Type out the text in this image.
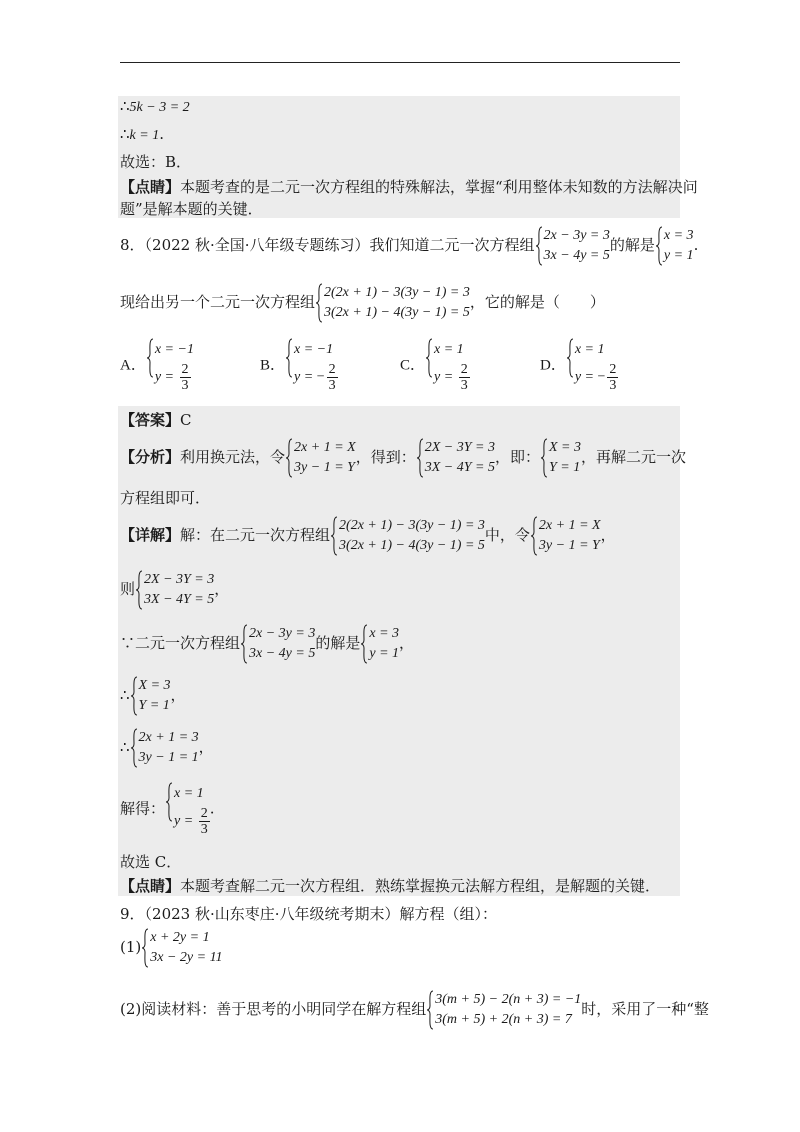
∴5k − 3 = 2
∴k = 1.
故选：B．
【点睛】本题考查的是二元一次方程组的特殊解法，掌握“利用整体未知数的方法解决问
题”是解本题的关键．
8．（2022 秋·全国·八年级专题练习）我们知道二元一次方程组
2x − 3y = 3
3x − 4y = 5
的解是
x = 3
y = 1
.
现给出另一个二元一次方程组
2(2x + 1) − 3(3y − 1) = 3
3(2x + 1) − 4(3y − 1) = 5
，它的解是（　　）
A．
x = −1
$y = \frac{2}{3}$	B．
x = −1
y = − $\frac{2}{3}$	C．
x = 1
$y = \frac{2}{3}$	D．
x = 1
y = − $\frac{2}{3}$
【答案】C
【分析】利用换元法，令
2x + 1 = X
3y − 1 = Y
，得到：
2X − 3Y = 3
3X − 4Y = 5
，即：
X = 3
Y = 1
，再解二元一次
方程组即可．
【详解】解：在二元一次方程组
2(2x + 1) − 3(3y − 1) = 3
3(2x + 1) − 4(3y − 1) = 5
中，令
2x + 1 = X
3y − 1 = Y
，
则
2X − 3Y = 3
3X − 4Y = 5
，
∵二元一次方程组
2x − 3y = 3
3x − 4y = 5
的解是
x = 3
y = 1
，
∴
X = 3
Y = 1
，
∴
2x + 1 = 3
3y − 1 = 1
，
解得：
x = 1
$y = \frac{2}{3}$ .
故选 C．
【点睛】本题考查解二元一次方程组．熟练掌握换元法解方程组，是解题的关键．
9．（2023 秋·山东枣庄·八年级统考期末）解方程（组）：
(1)
x + 2y = 1
3x − 2y = 11
(2)阅读材料：善于思考的小明同学在解方程组
3(m + 5) − 2(n + 3) = −1
3(m + 5) + 2(n + 3) = 7
时，采用了一种“整
